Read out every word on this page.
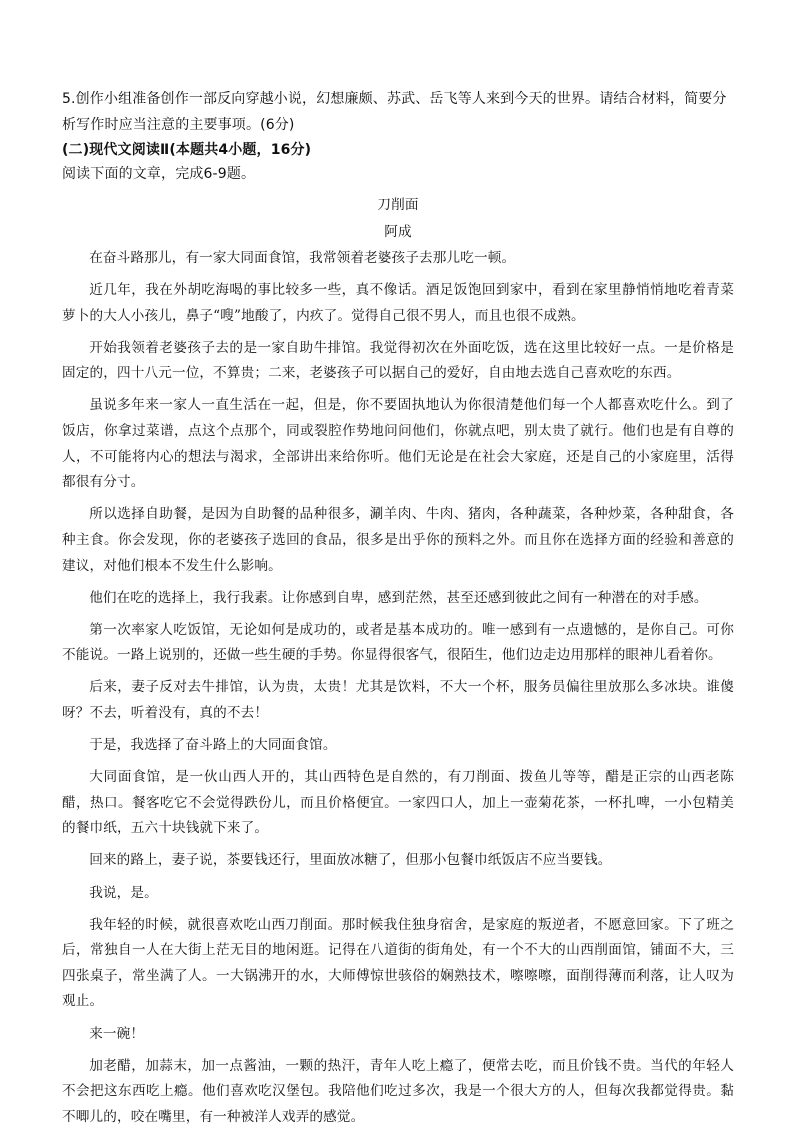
5.创作小组准备创作一部反向穿越小说，幻想廉颇、苏武、岳飞等人来到今天的世界。请结合材料，简要分析写作时应当注意的主要事项。(6分)

(二)现代文阅读Ⅱ(本题共4小题，16分)

阅读下面的文章，完成6-9题。

刀削面

阿成

在奋斗路那儿，有一家大同面食馆，我常领着老婆孩子去那儿吃一顿。

近几年，我在外胡吃海喝的事比较多一些，真不像话。酒足饭饱回到家中，看到在家里静悄悄地吃着青菜萝卜的大人小孩儿，鼻子“嗖”地酸了，内疚了。觉得自己很不男人，而且也很不成熟。

开始我领着老婆孩子去的是一家自助牛排馆。我觉得初次在外面吃饭，选在这里比较好一点。一是价格是固定的，四十八元一位，不算贵；二来，老婆孩子可以据自己的爱好，自由地去选自己喜欢吃的东西。

虽说多年来一家人一直生活在一起，但是，你不要固执地认为你很清楚他们每一个人都喜欢吃什么。到了饭店，你拿过菜谱，点这个点那个，同或裂腔作势地问问他们，你就点吧，别太贵了就行。他们也是有自尊的人，不可能将内心的想法与渴求，全部讲出来给你听。他们无论是在社会大家庭，还是自己的小家庭里，活得都很有分寸。

所以选择自助餐，是因为自助餐的品种很多，涮羊肉、牛肉、猪肉，各种蔬菜，各种炒菜，各种甜食，各种主食。你会发现，你的老婆孩子选回的食品，很多是出乎你的预料之外。而且你在选择方面的经验和善意的建议，对他们根本不发生什么影响。

他们在吃的选择上，我行我素。让你感到自卑，感到茫然，甚至还感到彼此之间有一种潜在的对手感。

第一次率家人吃饭馆，无论如何是成功的，或者是基本成功的。唯一感到有一点遗憾的，是你自己。可你不能说。一路上说别的，还做一些生硬的手势。你显得很客气，很陌生，他们边走边用那样的眼神儿看着你。

后来，妻子反对去牛排馆，认为贵，太贵！尤其是饮料，不大一个杯，服务员偏往里放那么多冰块。谁傻呀？不去，听着没有，真的不去！

于是，我选择了奋斗路上的大同面食馆。

大同面食馆，是一伙山西人开的，其山西特色是自然的，有刀削面、拨鱼儿等等，醋是正宗的山西老陈醋，热口。餐客吃它不会觉得跌份儿，而且价格便宜。一家四口人，加上一壶菊花茶，一杯扎啤，一小包精美的餐巾纸，五六十块钱就下来了。

回来的路上，妻子说，茶要钱还行，里面放冰糖了，但那小包餐巾纸饭店不应当要钱。

我说，是。

我年轻的时候，就很喜欢吃山西刀削面。那时候我住独身宿舍，是家庭的叛逆者，不愿意回家。下了班之后，常独自一人在大街上茫无目的地闲逛。记得在八道街的街角处，有一个不大的山西削面馆，铺面不大，三四张桌子，常坐满了人。一大锅沸开的水，大师傅惊世骇俗的娴熟技术，嚓嚓嚓，面削得薄而利落，让人叹为观止。

来一碗！

加老醋，加蒜末，加一点酱油，一颗的热汗，青年人吃上瘾了，便常去吃，而且价钱不贵。当代的年轻人不会把这东西吃上瘾。他们喜欢吃汉堡包。我陪他们吃过多次，我是一个很大方的人，但每次我都觉得贵。黏不唧儿的，咬在嘴里，有一种被洋人戏弄的感觉。
